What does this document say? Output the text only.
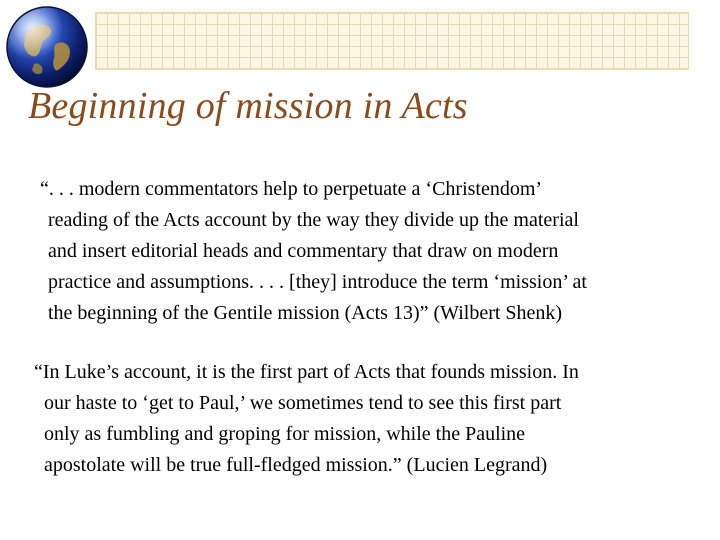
Beginning of mission in Acts
“. . . modern commentators help to perpetuate a ‘Christendom’
reading of the Acts account by the way they divide up the material
and insert editorial heads and commentary that draw on modern
practice and assumptions. . . . [they] introduce the term ‘mission’ at
the beginning of the Gentile mission (Acts 13)” (Wilbert Shenk)
“In Luke’s account, it is the first part of Acts that founds mission. In
our haste to ‘get to Paul,’ we sometimes tend to see this first part
only as fumbling and groping for mission, while the Pauline
apostolate will be true full-fledged mission.” (Lucien Legrand)
